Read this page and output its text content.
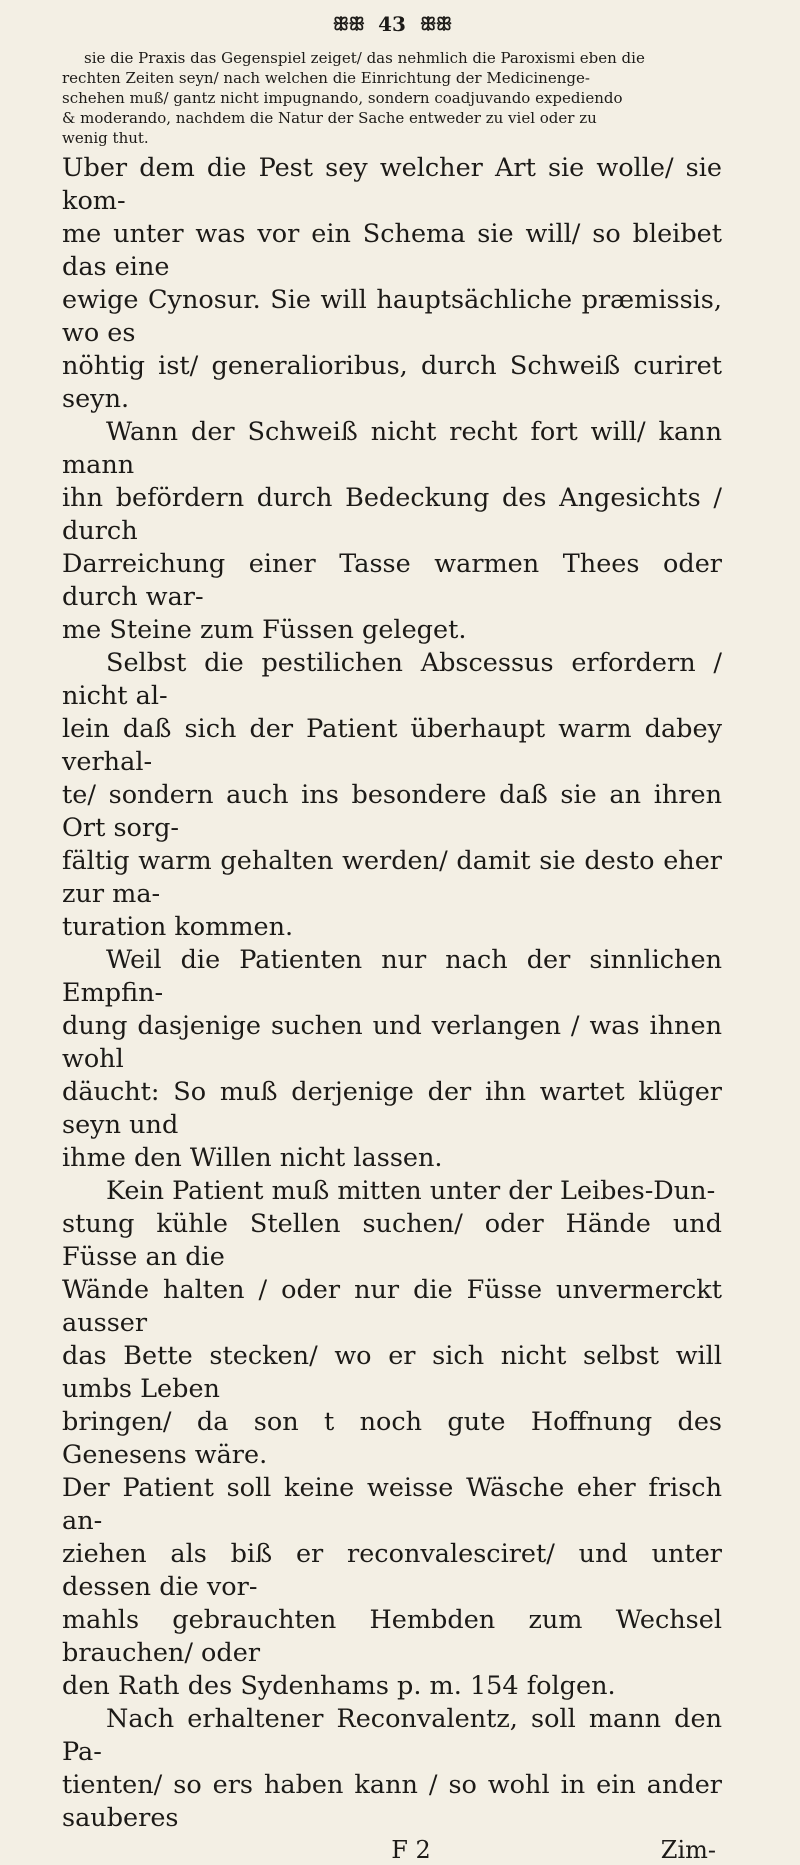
ꕥꕥ 43 ꕥꕥ

sie die Praxis das Gegenspiel zeiget/ das nehmlich die Paroxismi eben die

rechten Zeiten seyn/ nach welchen die Einrichtung der Medicinenge-

schehen muß/ gantz nicht impugnando, sondern coadjuvando expediendo

& moderando, nachdem die Natur der Sache entweder zu viel oder zu

wenig thut.

Uber dem die Pest sey welcher Art sie wolle/ sie kom-

me unter was vor ein Schema sie will/ so bleibet das eine

ewige Cynosur. Sie will hauptsächliche præmissis, wo es

nöhtig ist/ generalioribus, durch Schweiß curiret seyn.

Wann der Schweiß nicht recht fort will/ kann mann

ihn befördern durch Bedeckung des Angesichts / durch

Darreichung einer Tasse warmen Thees oder durch war-

me Steine zum Füssen geleget.

Selbst die pestilichen Abscessus erfordern / nicht al-

lein daß sich der Patient überhaupt warm dabey verhal-

te/ sondern auch ins besondere daß sie an ihren Ort sorg-

fältig warm gehalten werden/ damit sie desto eher zur ma-

turation kommen.

Weil die Patienten nur nach der sinnlichen Empfin-

dung dasjenige suchen und verlangen / was ihnen wohl

däucht: So muß derjenige der ihn wartet klüger seyn und

ihme den Willen nicht lassen.

Kein Patient muß mitten unter der Leibes-Dun-

stung kühle Stellen suchen/ oder Hände und Füsse an die

Wände halten / oder nur die Füsse unvermerckt ausser

das Bette stecken/ wo er sich nicht selbst will umbs Leben

bringen/ da son t noch gute Hoffnung des Genesens wäre.

Der Patient soll keine weisse Wäsche eher frisch an-

ziehen als biß er reconvalesciret/ und unter dessen die vor-

mahls gebrauchten Hembden zum Wechsel brauchen/ oder

den Rath des Sydenhams p. m. 154 folgen.

Nach erhaltener Reconvalentz, soll mann den Pa-

tienten/ so ers haben kann / so wohl in ein ander sauberes

F 2	Zim-
